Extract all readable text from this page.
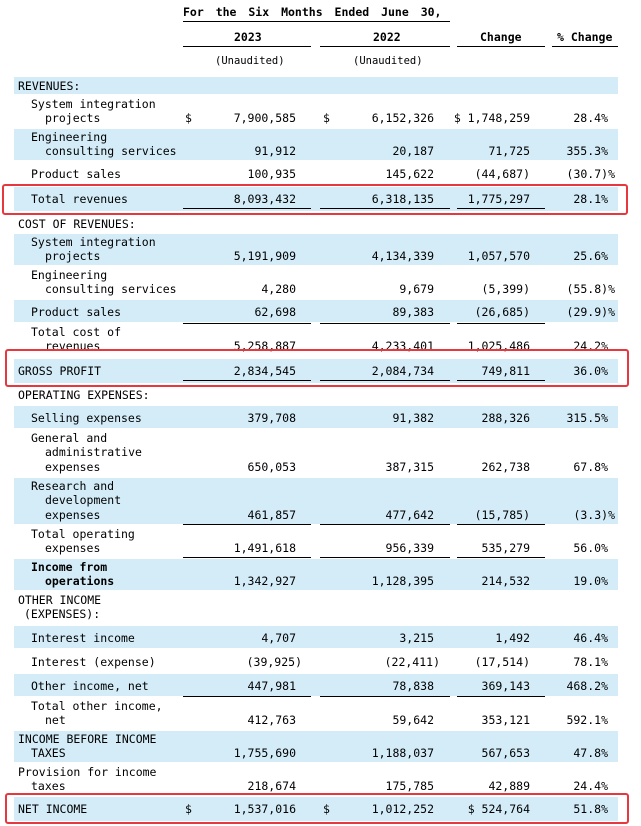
For the Six Months Ended June 30,
2023	2022	Change	% Change
(Unaudited)	(Unaudited)
REVENUES:
System integration
projects	$	7,900,585 $	6,152,326 $ 1,748,259	28.4%
Engineering
consulting services	91,912	20,187	71,725	355.3%
Product sales	100,935	145,622	(44,687)	(30.7)%
Total revenues	8,093,432	6,318,135	1,775,297	28.1%
COST OF REVENUES:
System integration
projects	5,191,909	4,134,339	1,057,570	25.6%
Engineering
consulting services	4,280	9,679	(5,399)	(55.8)%
Product sales	62,698	89,383	(26,685)	(29.9)%
Total cost of
revenues	5,258,887	4,233,401	1,025,486	24.2%
GROSS PROFIT	2,834,545	2,084,734	749,811	36.0%
OPERATING EXPENSES:
Selling expenses	379,708	91,382	288,326	315.5%
General and
administrative
expenses	650,053	387,315	262,738	67.8%
Research and
development
expenses	461,857	477,642	(15,785)	(3.3)%
Total operating
expenses	1,491,618	956,339	535,279	56.0%
Income from
operations	1,342,927	1,128,395	214,532	19.0%
OTHER INCOME
(EXPENSES):
Interest income	4,707	3,215	1,492	46.4%
Interest (expense)	(39,925)	(22,411)	(17,514)	78.1%
Other income, net	447,981	78,838	369,143	468.2%
Total other income,
net	412,763	59,642	353,121	592.1%
INCOME BEFORE INCOME
TAXES	1,755,690	1,188,037	567,653	47.8%
Provision for income
taxes	218,674	175,785	42,889	24.4%
NET INCOME	$	1,537,016 $	1,012,252	$ 524,764	51.8%
